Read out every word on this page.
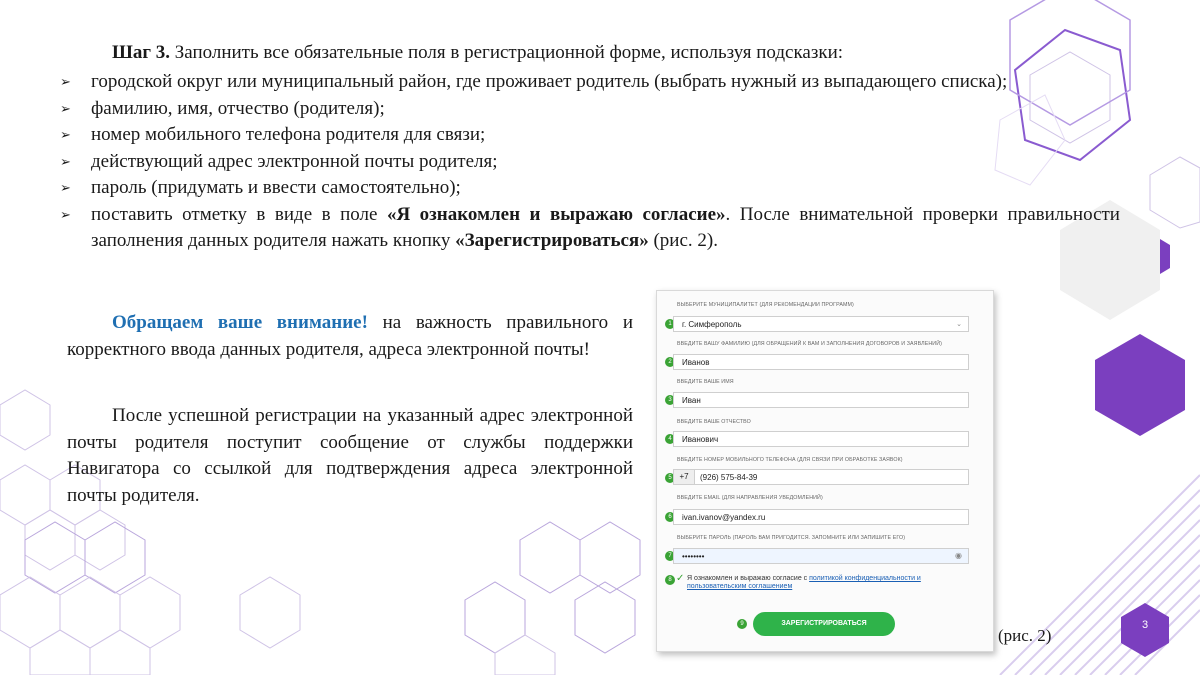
Шаг 3. Заполнить все обязательные поля в регистрационной форме, используя подсказки:
➢ городской округ или муниципальный район, где проживает родитель (выбрать нужный из выпадающего списка);
➢ фамилию, имя, отчество (родителя);
➢ номер мобильного телефона родителя для связи;
➢ действующий адрес электронной почты родителя;
➢ пароль (придумать и ввести самостоятельно);
➢ поставить отметку в виде в поле «Я ознакомлен и выражаю согласие». После внимательной проверки правильности заполнения данных родителя нажать кнопку «Зарегистрироваться» (рис. 2).
Обращаем ваше внимание! на важность правильного и корректного ввода данных родителя, адреса электронной почты!
После успешной регистрации на указанный адрес электронной почты родителя поступит сообщение от службы поддержки Навигатора со ссылкой для подтверждения адреса электронной почты родителя.
ВЫБЕРИТЕ МУНИЦИПАЛИТЕТ (ДЛЯ РЕКОМЕНДАЦИИ ПРОГРАММ)
1	г. Симферополь	⌄
ВВЕДИТЕ ВАШУ ФАМИЛИЮ (ДЛЯ ОБРАЩЕНИЙ К ВАМ И ЗАПОЛНЕНИЯ ДОГОВОРОВ И ЗАЯВЛЕНИЙ)
2	Иванов
ВВЕДИТЕ ВАШЕ ИМЯ
3	Иван
ВВЕДИТЕ ВАШЕ ОТЧЕСТВО
4	Иванович
ВВЕДИТЕ НОМЕР МОБИЛЬНОГО ТЕЛЕФОНА (ДЛЯ СВЯЗИ ПРИ ОБРАБОТКЕ ЗАЯВОК)
5 +7	(926) 575-84-39
ВВЕДИТЕ EMAIL (ДЛЯ НАПРАВЛЕНИЯ УВЕДОМЛЕНИЙ)
6	ivan.ivanov@yandex.ru
ВЫБЕРИТЕ ПАРОЛЬ (ПАРОЛЬ ВАМ ПРИГОДИТСЯ. ЗАПОМНИТЕ ИЛИ ЗАПИШИТЕ ЕГО)
7	••••••••	◉
8 ✓ Я ознакомлен и выражаю согласие с политикой конфиденциальности и пользовательским соглашением
9	ЗАРЕГИСТРИРОВАТЬСЯ
(рис. 2)
3
